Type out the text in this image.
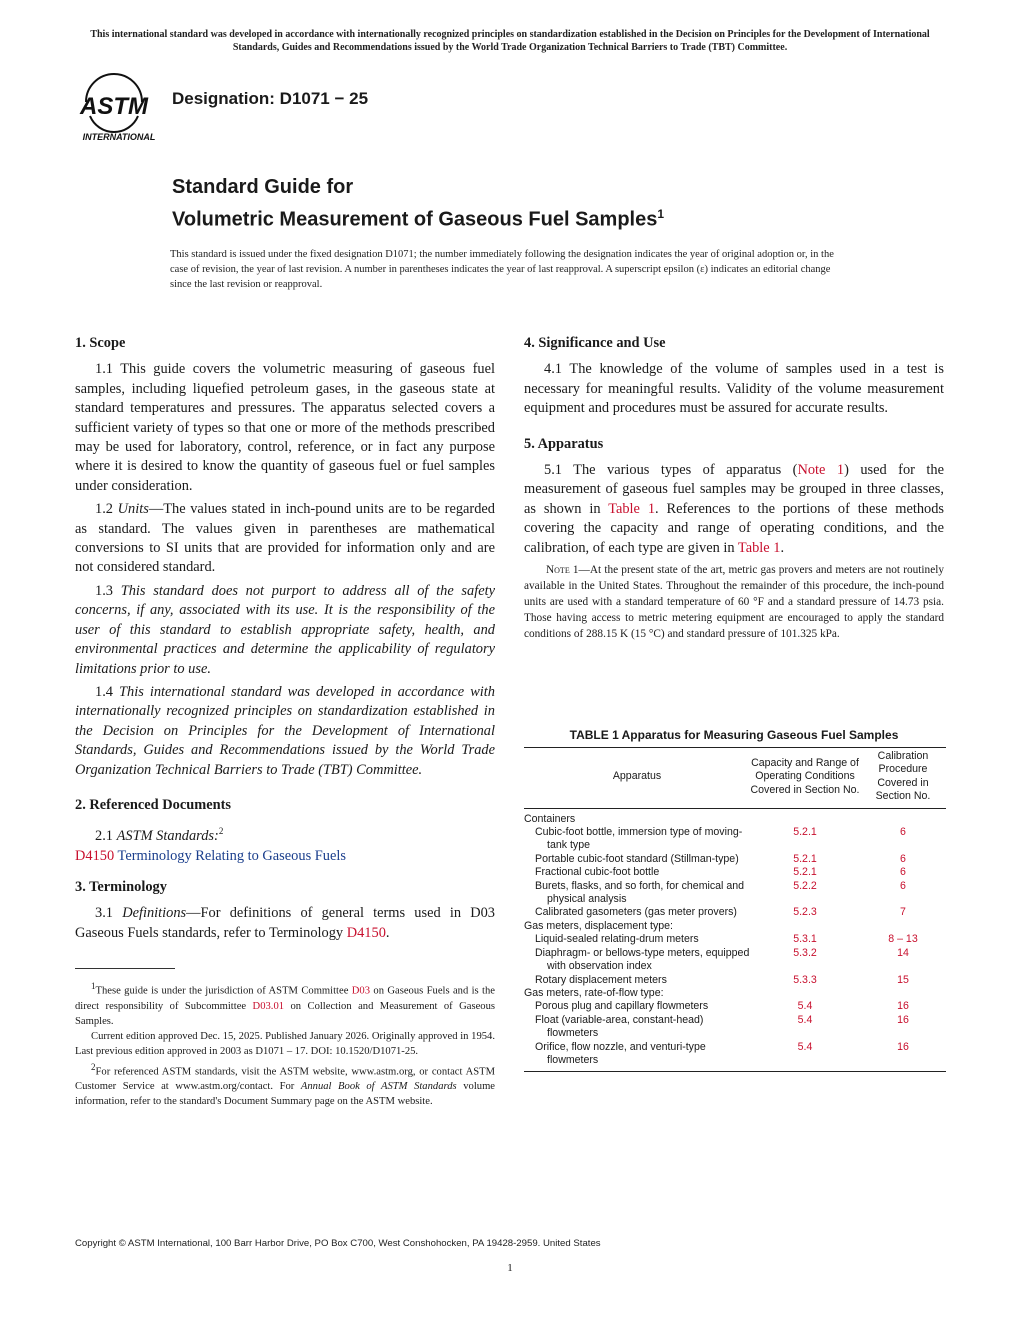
This international standard was developed in accordance with internationally recognized principles on standardization established in the Decision on Principles for the Development of International Standards, Guides and Recommendations issued by the World Trade Organization Technical Barriers to Trade (TBT) Committee.
ASTM
INTERNATIONAL
Designation: D1071 − 25
Standard Guide for
Volumetric Measurement of Gaseous Fuel Samples$^1$
This standard is issued under the fixed designation D1071; the number immediately following the designation indicates the year of original adoption or, in the case of revision, the year of last revision. A number in parentheses indicates the year of last reapproval. A superscript epsilon (ε) indicates an editorial change since the last revision or reapproval.
1. Scope
1.1 This guide covers the volumetric measuring of gaseous fuel samples, including liquefied petroleum gases, in the gaseous state at standard temperatures and pressures. The apparatus selected covers a sufficient variety of types so that one or more of the methods prescribed may be used for laboratory, control, reference, or in fact any purpose where it is desired to know the quantity of gaseous fuel or fuel samples under consideration.
1.2 Units—The values stated in inch-pound units are to be regarded as standard. The values given in parentheses are mathematical conversions to SI units that are provided for information only and are not considered standard.
1.3 This standard does not purport to address all of the safety concerns, if any, associated with its use. It is the responsibility of the user of this standard to establish appropriate safety, health, and environmental practices and determine the applicability of regulatory limitations prior to use.
1.4 This international standard was developed in accordance with internationally recognized principles on standardization established in the Decision on Principles for the Development of International Standards, Guides and Recommendations issued by the World Trade Organization Technical Barriers to Trade (TBT) Committee.
2. Referenced Documents
2.1 ASTM Standards:$^2$
D4150 Terminology Relating to Gaseous Fuels
3. Terminology
3.1 Definitions—For definitions of general terms used in D03 Gaseous Fuels standards, refer to Terminology D4150.

$^1$These guide is under the jurisdiction of ASTM Committee D03 on Gaseous Fuels and is the direct responsibility of Subcommittee D03.01 on Collection and Measurement of Gaseous Samples.

Current edition approved Dec. 15, 2025. Published January 2026. Originally approved in 1954. Last previous edition approved in 2003 as D1071 – 17. DOI: 10.1520/D1071-25.

$^2$For referenced ASTM standards, visit the ASTM website, www.astm.org, or contact ASTM Customer Service at www.astm.org/contact. For Annual Book of ASTM Standards volume information, refer to the standard's Document Summary page on the ASTM website.

4. Significance and Use
4.1 The knowledge of the volume of samples used in a test is necessary for meaningful results. Validity of the volume measurement equipment and procedures must be assured for accurate results.
5. Apparatus
5.1 The various types of apparatus (Note 1) used for the measurement of gaseous fuel samples may be grouped in three classes, as shown in Table 1. References to the portions of these methods covering the capacity and range of operating conditions, and the calibration, of each type are given in Table 1.
Note 1—At the present state of the art, metric gas provers and meters are not routinely available in the United States. Throughout the remainder of this procedure, the inch-pound units are used with a standard temperature of 60 °F and a standard pressure of 14.73 psia. Those having access to metric metering equipment are encouraged to apply the standard conditions of 288.15 K (15 °C) and standard pressure of 101.325 kPa.
TABLE 1 Apparatus for Measuring Gaseous Fuel Samples
Apparatus	Capacity and Range of Operating Conditions Covered in Section No.	Calibration Procedure Covered in Section No.
Containers		

Cubic-foot bottle, immersion type of moving-tank type	5.2.1	6

Portable cubic-foot standard (Stillman-type)	5.2.1	6

Fractional cubic-foot bottle	5.2.1	6

Burets, flasks, and so forth, for chemical and physical analysis	5.2.2	6

Calibrated gasometers (gas meter provers)	5.2.3	7
Gas meters, displacement type:		

Liquid-sealed relating-drum meters	5.3.1	8 – 13

Diaphragm- or bellows-type meters, equipped with observation index	5.3.2	14

Rotary displacement meters	5.3.3	15
Gas meters, rate-of-flow type:		

Porous plug and capillary flowmeters	5.4	16

Float (variable-area, constant-head) flowmeters	5.4	16

Orifice, flow nozzle, and venturi-type flowmeters	5.4	16
Copyright © ASTM International, 100 Barr Harbor Drive, PO Box C700, West Conshohocken, PA 19428-2959. United States
1
